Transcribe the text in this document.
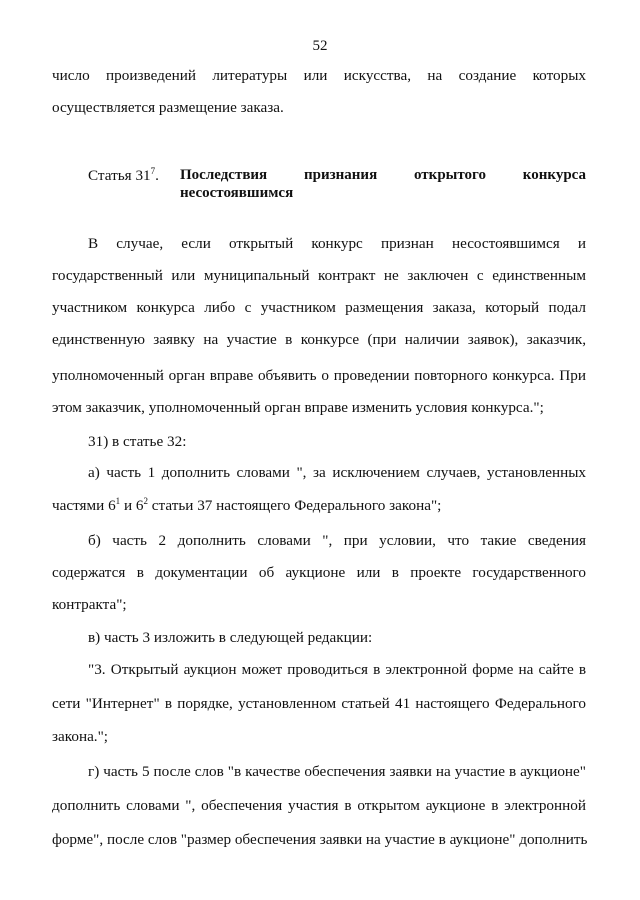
52
число произведений литературы или искусства, на создание которых
осуществляется размещение заказа.
Статья $31^7$. Последствия признания открытого конкурса
несостоявшимся
В случае, если открытый конкурс признан несостоявшимся и
государственный или муниципальный контракт не заключен с единственным
участником конкурса либо с участником размещения заказа, который подал
единственную заявку на участие в конкурсе (при наличии заявок), заказчик,
уполномоченный орган вправе объявить о проведении повторного конкурса. При
этом заказчик, уполномоченный орган вправе изменить условия конкурса.";
31) в статье 32:
а) часть 1 дополнить словами ", за исключением случаев, установленных
частями $6^1$ и $6^2$ статьи 37 настоящего Федерального закона";
б) часть 2 дополнить словами ", при условии, что такие сведения
содержатся в документации об аукционе или в проекте государственного
контракта";
в) часть 3 изложить в следующей редакции:
"3. Открытый аукцион может проводиться в электронной форме на сайте в
сети "Интернет" в порядке, установленном статьей 41 настоящего Федерального
закона.";
г) часть 5 после слов "в качестве обеспечения заявки на участие в аукционе"
дополнить словами ", обеспечения участия в открытом аукционе в электронной
форме", после слов "размер обеспечения заявки на участие в аукционе" дополнить
